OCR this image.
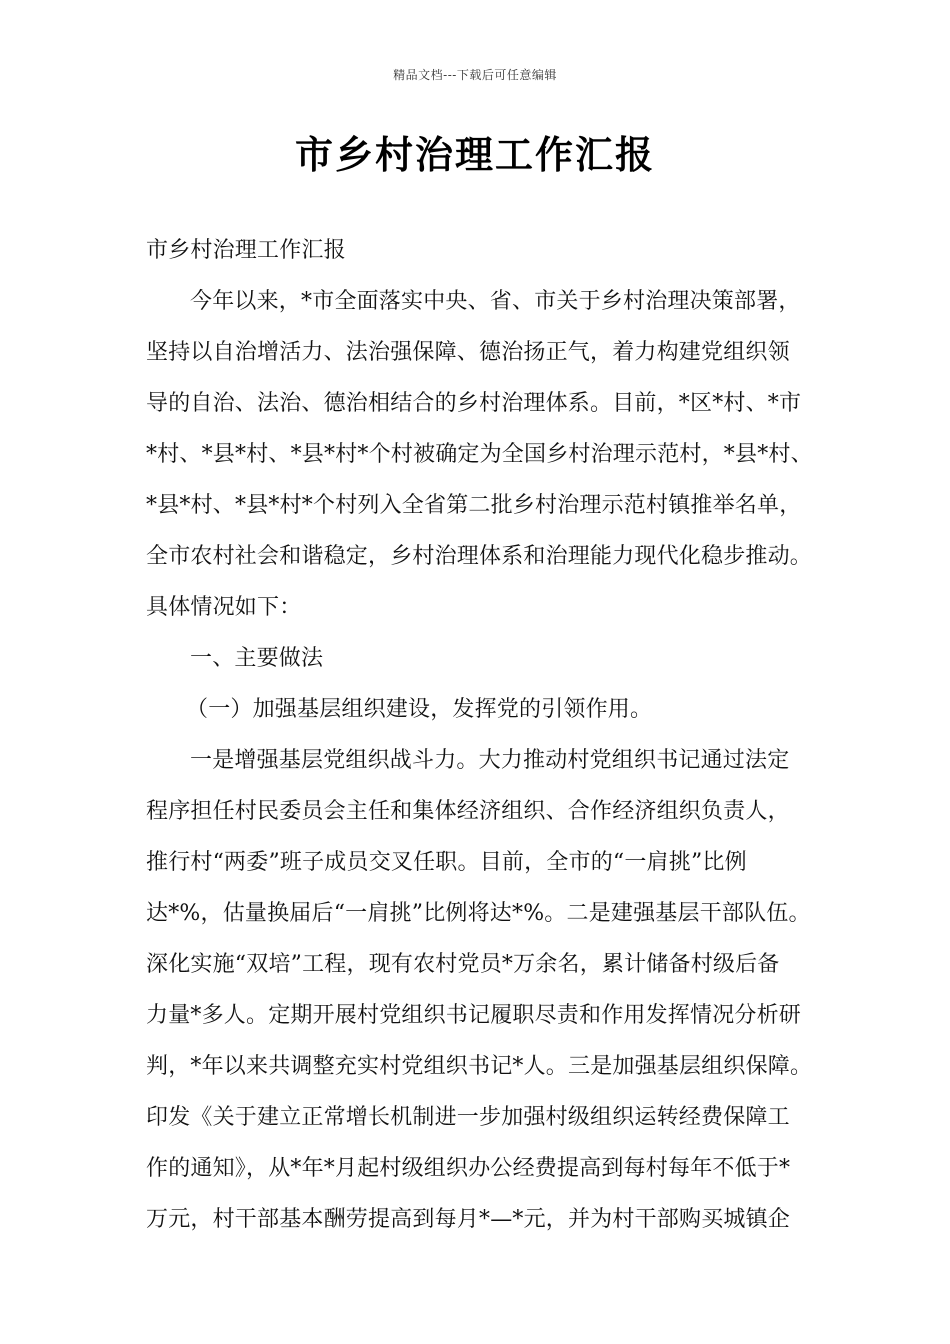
精品文档---下载后可任意编辑
市乡村治理工作汇报
市乡村治理工作汇报
今年以来，*市全面落实中央、省、市关于乡村治理决策部署，
坚持以自治增活力、法治强保障、德治扬正气，着力构建党组织领
导的自治、法治、德治相结合的乡村治理体系。目前，*区*村、*市
*村、*县*村、*县*村*个村被确定为全国乡村治理示范村，*县*村、
*县*村、*县*村*个村列入全省第二批乡村治理示范村镇推举名单，
全市农村社会和谐稳定，乡村治理体系和治理能力现代化稳步推动。
具体情况如下：
一、主要做法
（一）加强基层组织建设，发挥党的引领作用。
一是增强基层党组织战斗力。大力推动村党组织书记通过法定
程序担任村民委员会主任和集体经济组织、合作经济组织负责人，
推行村“两委”班子成员交叉任职。目前，全市的“一肩挑”比例
达*%，估量换届后“一肩挑”比例将达*%。二是建强基层干部队伍。
深化实施“双培”工程，现有农村党员*万余名，累计储备村级后备
力量*多人。定期开展村党组织书记履职尽责和作用发挥情况分析研
判，*年以来共调整充实村党组织书记*人。三是加强基层组织保障。
印发《关于建立正常增长机制进一步加强村级组织运转经费保障工
作的通知》，从*年*月起村级组织办公经费提高到每村每年不低于*
万元，村干部基本酬劳提高到每月*—*元，并为村干部购买城镇企
